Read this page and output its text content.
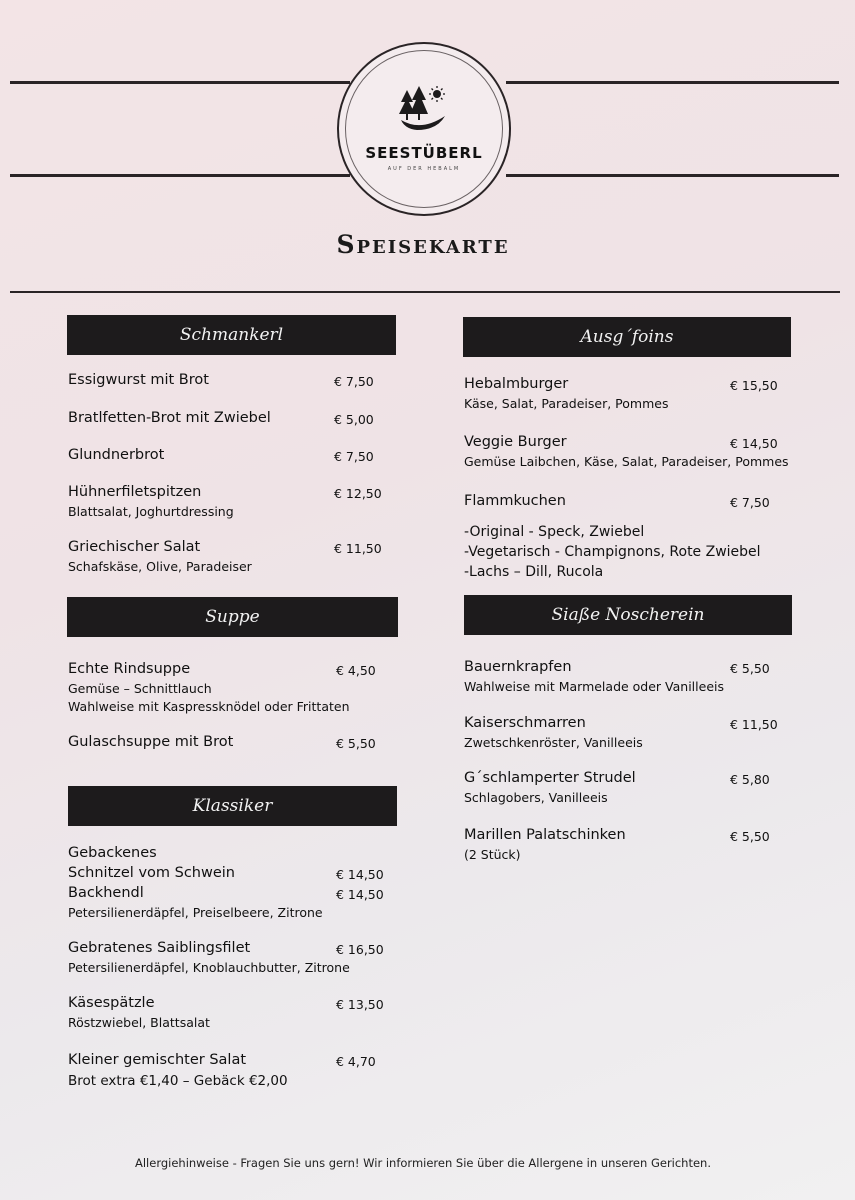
SEESTÜBERL
AUF DER HEBALM
Speisekarte
Schmankerl
Essigwurst mit Brot	€ 7,50
Bratlfetten-Brot mit Zwiebel	€ 5,00
Glundnerbrot	€ 7,50
Hühnerfiletspitzen	€ 12,50
Blattsalat, Joghurtdressing
Griechischer Salat	€ 11,50
Schafskäse, Olive, Paradeiser
Suppe
Echte Rindsuppe	€ 4,50
Gemüse – Schnittlauch
Wahlweise mit Kaspressknödel oder Frittaten
Gulaschsuppe mit Brot	€ 5,50
Klassiker
Gebackenes
Schnitzel vom Schwein	€ 14,50
Backhendl	€ 14,50
Petersilienerdäpfel, Preiselbeere, Zitrone
Gebratenes Saiblingsfilet	€ 16,50
Petersilienerdäpfel, Knoblauchbutter, Zitrone
Käsespätzle	€ 13,50
Röstzwiebel, Blattsalat
Kleiner gemischter Salat	€ 4,70
Brot extra €1,40 – Gebäck €2,00
Ausg´foins
Hebalmburger	€ 15,50
Käse, Salat, Paradeiser, Pommes
Veggie Burger	€ 14,50
Gemüse Laibchen, Käse, Salat, Paradeiser, Pommes
Flammkuchen	€ 7,50
-Original - Speck, Zwiebel
-Vegetarisch - Champignons, Rote Zwiebel
-Lachs – Dill, Rucola
Siaße Noscherein
Bauernkrapfen	€ 5,50
Wahlweise mit Marmelade oder Vanilleeis
Kaiserschmarren	€ 11,50
Zwetschkenröster, Vanilleeis
G´schlamperter Strudel	€ 5,80
Schlagobers, Vanilleeis
Marillen Palatschinken	€ 5,50
(2 Stück)
Allergiehinweise - Fragen Sie uns gern! Wir informieren Sie über die Allergene in unseren Gerichten.
